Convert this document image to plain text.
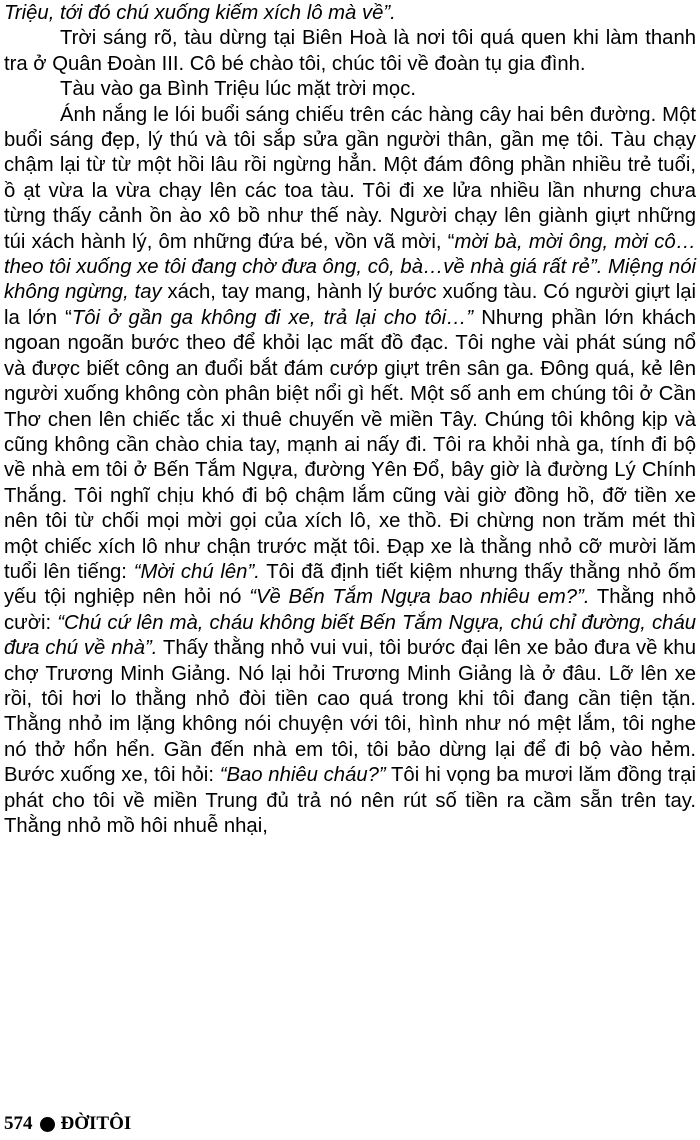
Triệu, tới đó chú xuống kiếm xích lô mà về”.

Trời sáng rõ, tàu dừng tại Biên Hoà là nơi tôi quá quen khi làm thanh tra ở Quân Đoàn III. Cô bé chào tôi, chúc tôi về đoàn tụ gia đình.

Tàu vào ga Bình Triệu lúc mặt trời mọc.

Ánh nắng le lói buổi sáng chiếu trên các hàng cây hai bên đường. Một buổi sáng đẹp, lý thú và tôi sắp sửa gần người thân, gần mẹ tôi. Tàu chạy chậm lại từ từ một hồi lâu rồi ngừng hẳn. Một đám đông phần nhiều trẻ tuổi, ồ ạt vừa la vừa chạy lên các toa tàu. Tôi đi xe lửa nhiều lần nhưng chưa từng thấy cảnh ồn ào xô bồ như thế này. Người chạy lên giành giựt những túi xách hành lý, ôm những đứa bé, vồn vã mời, “mời bà, mời ông, mời cô… theo tôi xuống xe tôi đang chờ đưa ông, cô, bà…về nhà giá rất rẻ”. Miệng nói không ngừng, tay xách, tay mang, hành lý bước xuống tàu. Có người giựt lại la lớn “Tôi ở gần ga không đi xe, trả lại cho tôi…” Nhưng phần lớn khách ngoan ngoãn bước theo để khỏi lạc mất đồ đạc. Tôi nghe vài phát súng nổ và được biết công an đuổi bắt đám cướp giựt trên sân ga. Đông quá, kẻ lên người xuống không còn phân biệt nổi gì hết. Một số anh em chúng tôi ở Cần Thơ chen lên chiếc tắc xi thuê chuyến về miền Tây. Chúng tôi không kịp và cũng không cần chào chia tay, mạnh ai nấy đi. Tôi ra khỏi nhà ga, tính đi bộ về nhà em tôi ở Bến Tắm Ngựa, đường Yên Đổ, bây giờ là đường Lý Chính Thắng. Tôi nghĩ chịu khó đi bộ chậm lắm cũng vài giờ đồng hồ, đỡ tiền xe nên tôi từ chối mọi mời gọi của xích lô, xe thồ. Đi chừng non trăm mét thì một chiếc xích lô như chận trước mặt tôi. Đạp xe là thằng nhỏ cỡ mười lăm tuổi lên tiếng: “Mời chú lên”. Tôi đã định tiết kiệm nhưng thấy thằng nhỏ ốm yếu tội nghiệp nên hỏi nó “Về Bến Tắm Ngựa bao nhiêu em?”. Thằng nhỏ cười: “Chú cứ lên mà, cháu không biết Bến Tắm Ngựa, chú chỉ đường, cháu đưa chú về nhà”. Thấy thằng nhỏ vui vui, tôi bước đại lên xe bảo đưa về khu chợ Trương Minh Giảng. Nó lại hỏi Trương Minh Giảng là ở đâu. Lỡ lên xe rồi, tôi hơi lo thằng nhỏ đòi tiền cao quá trong khi tôi đang cần tiện tặn. Thằng nhỏ im lặng không nói chuyện với tôi, hình như nó mệt lắm, tôi nghe nó thở hổn hển. Gần đến nhà em tôi, tôi bảo dừng lại để đi bộ vào hẻm. Bước xuống xe, tôi hỏi: “Bao nhiêu cháu?” Tôi hi vọng ba mươi lăm đồng trại phát cho tôi về miền Trung đủ trả nó nên rút số tiền ra cầm sẵn trên tay. Thằng nhỏ mồ hôi nhuễ nhại,

574 ĐỜITÔI
